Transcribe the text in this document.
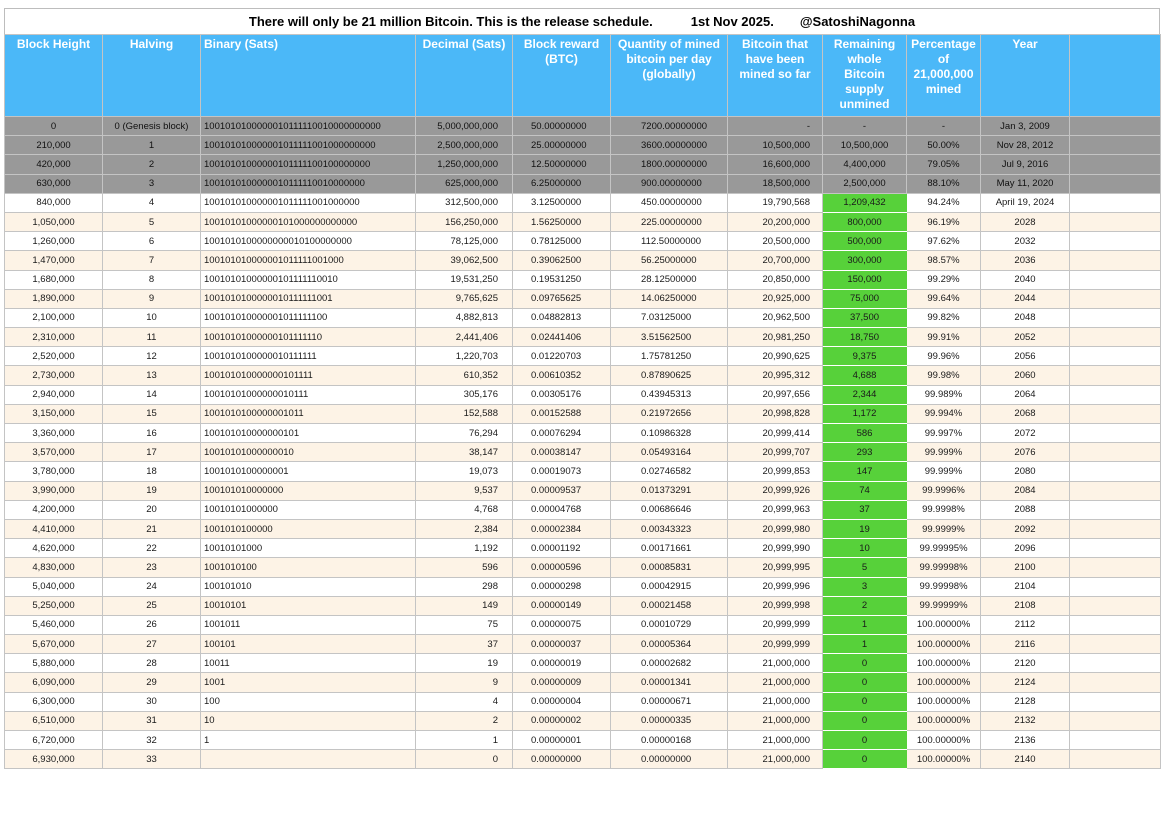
There will only be 21 million Bitcoin. This is the release schedule.	1st Nov 2025. @SatoshiNagonna
Block Height	Halving	Binary (Sats)	Decimal (Sats)	Block reward (BTC)	Quantity of mined bitcoin per day (globally)	Bitcoin that have been mined so far	Remaining whole Bitcoin supply unmined	Percentage of 21,000,000 mined	Year	
0	0 (Genesis block)	1001010100000010111110010000000000	5,000,000,000	50.00000000	7200.00000000	-	-	-	Jan 3, 2009	
210,000	1	100101010000001011111001000000000	2,500,000,000	25.00000000	3600.00000000	10,500,000	10,500,000	50.00%	Nov 28, 2012	
420,000	2	10010101000000101111100100000000	1,250,000,000	12.50000000	1800.00000000	16,600,000	4,400,000	79.05%	Jul 9, 2016	
630,000	3	1001010100000010111110010000000	625,000,000	6.25000000	900.00000000	18,500,000	2,500,000	88.10%	May 11, 2020	
840,000	4	100101010000001011111001000000	312,500,000	3.12500000	450.00000000	19,790,568	1,209,432	94.24%	April 19, 2024	
1,050,000	5	10010101000000101000000000000	156,250,000	1.56250000	225.00000000	20,200,000	800,000	96.19%	2028	
1,260,000	6	1001010100000000010100000000	78,125,000	0.78125000	112.50000000	20,500,000	500,000	97.62%	2032	
1,470,000	7	100101010000001011111001000	39,062,500	0.39062500	56.25000000	20,700,000	300,000	98.57%	2036	
1,680,000	8	10010101000000101111110010	19,531,250	0.19531250	28.12500000	20,850,000	150,000	99.29%	2040	
1,890,000	9	1001010100000010111111001	9,765,625	0.09765625	14.06250000	20,925,000	75,000	99.64%	2044	
2,100,000	10	100101010000001011111100	4,882,813	0.04882813	7.03125000	20,962,500	37,500	99.82%	2048	
2,310,000	11	10010101000000101111110	2,441,406	0.02441406	3.51562500	20,981,250	18,750	99.91%	2052	
2,520,000	12	1001010100000010111111	1,220,703	0.01220703	1.75781250	20,990,625	9,375	99.96%	2056	
2,730,000	13	100101010000000101111	610,352	0.00610352	0.87890625	20,995,312	4,688	99.98%	2060	
2,940,000	14	10010101000000010111	305,176	0.00305176	0.43945313	20,997,656	2,344	99.989%	2064	
3,150,000	15	1001010100000001011	152,588	0.00152588	0.21972656	20,998,828	1,172	99.994%	2068	
3,360,000	16	100101010000000101	76,294	0.00076294	0.10986328	20,999,414	586	99.997%	2072	
3,570,000	17	10010101000000010	38,147	0.00038147	0.05493164	20,999,707	293	99.999%	2076	
3,780,000	18	1001010100000001	19,073	0.00019073	0.02746582	20,999,853	147	99.999%	2080	
3,990,000	19	100101010000000	9,537	0.00009537	0.01373291	20,999,926	74	99.9996%	2084	
4,200,000	20	10010101000000	4,768	0.00004768	0.00686646	20,999,963	37	99.9998%	2088	
4,410,000	21	1001010100000	2,384	0.00002384	0.00343323	20,999,980	19	99.9999%	2092	
4,620,000	22	10010101000	1,192	0.00001192	0.00171661	20,999,990	10	99.99995%	2096	
4,830,000	23	1001010100	596	0.00000596	0.00085831	20,999,995	5	99.99998%	2100	
5,040,000	24	100101010	298	0.00000298	0.00042915	20,999,996	3	99.99998%	2104	
5,250,000	25	10010101	149	0.00000149	0.00021458	20,999,998	2	99.99999%	2108	
5,460,000	26	1001011	75	0.00000075	0.00010729	20,999,999	1	100.00000%	2112	
5,670,000	27	100101	37	0.00000037	0.00005364	20,999,999	1	100.00000%	2116	
5,880,000	28	10011	19	0.00000019	0.00002682	21,000,000	0	100.00000%	2120	
6,090,000	29	1001	9	0.00000009	0.00001341	21,000,000	0	100.00000%	2124	
6,300,000	30	100	4	0.00000004	0.00000671	21,000,000	0	100.00000%	2128	
6,510,000	31	10	2	0.00000002	0.00000335	21,000,000	0	100.00000%	2132	
6,720,000	32	1	1	0.00000001	0.00000168	21,000,000	0	100.00000%	2136	
6,930,000	33		0	0.00000000	0.00000000	21,000,000	0	100.00000%	2140	
